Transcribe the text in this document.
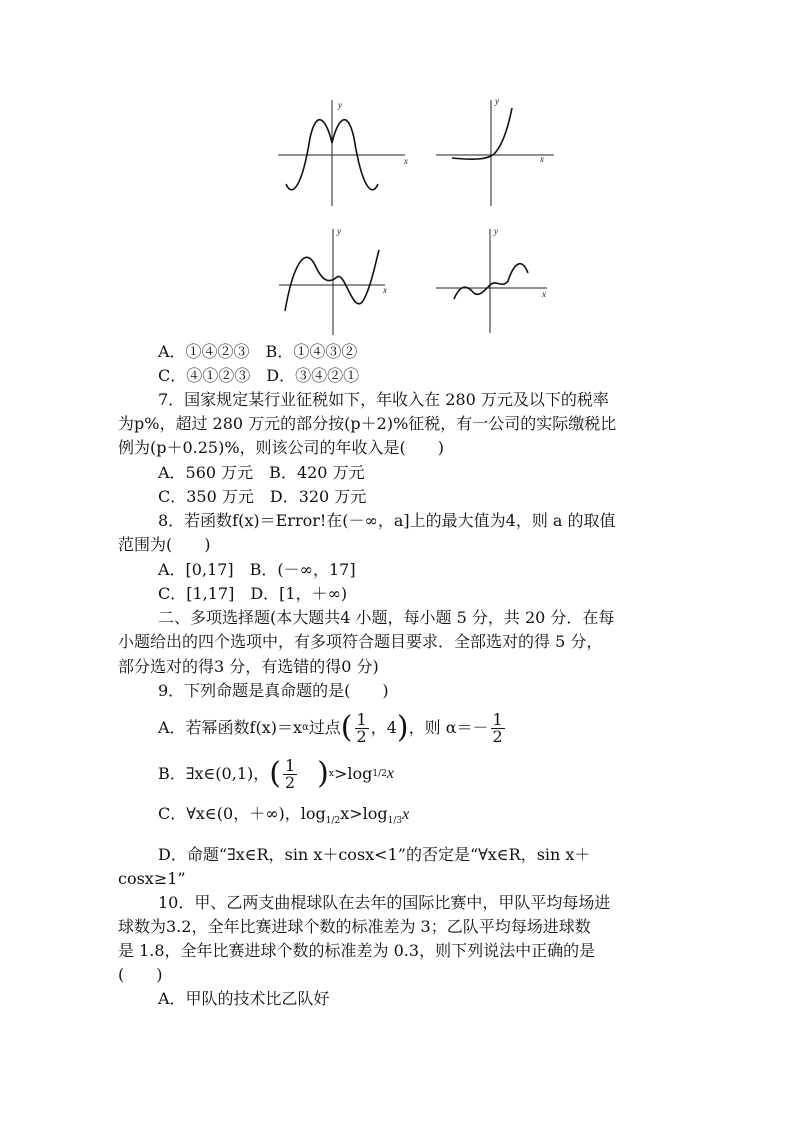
x
y
x
y
x
y
x
y
A．①④②③　B．①④③②
C．④①②③　D．③④②①
7．国家规定某行业征税如下，年收入在 280 万元及以下的税率
为p%，超过 280 万元的部分按(p＋2)%征税，有一公司的实际缴税比
例为(p＋0.25)%，则该公司的年收入是(　　)
A．560 万元　B．420 万元
C．350 万元　D．320 万元
8．若函数f(x)＝Error!在(－∞，a]上的最大值为4，则 a 的取值
范围为(　　)
A．[0,17]　B．(－∞，17]
C．[1,17]　D．[1，＋∞)
二、多项选择题(本大题共4 小题，每小题 5 分，共 20 分．在每
小题给出的四个选项中，有多项符合题目要求．全部选对的得 5 分，
部分选对的得3 分，有选错的得0 分)
9．下列命题是真命题的是(　　)
A．若幂函数f(x)＝x α 过点 ( $\frac{1}{2}$ ，4 ) ，则 $\alpha=- \frac{1}{2}$
B．∃x∈(0,1)， ( $\frac{1}{2}$ ) x >log 1/2 x
C．∀x∈(0，＋∞)，$\log_{1/2}x>\log_{1/3}x$
D．命题“∃x∈R，sin x＋cosx<1”的否定是“∀x∈R，sin x＋
cosx≥1”
10．甲、乙两支曲棍球队在去年的国际比赛中，甲队平均每场进
球数为3.2，全年比赛进球个数的标准差为 3；乙队平均每场进球数
是 1.8，全年比赛进球个数的标准差为 0.3，则下列说法中正确的是
(　　)
A．甲队的技术比乙队好
